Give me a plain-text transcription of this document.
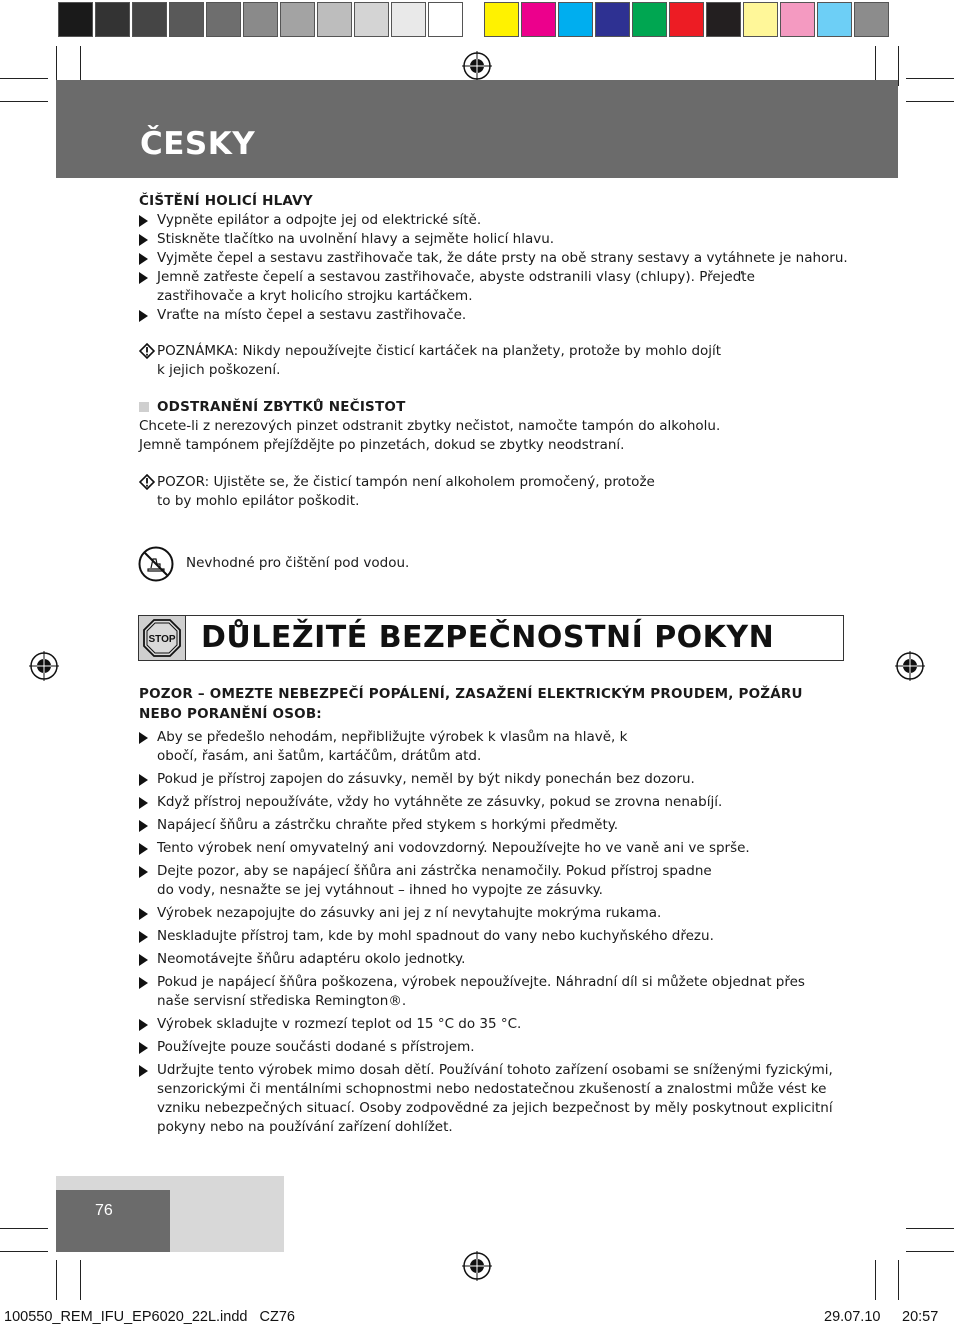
ČESKY
ČIŠTĚNÍ HOLICÍ HLAVY
Vypněte epilátor a odpojte jej od elektrické sítě.
Stiskněte tlačítko na uvolnění hlavy a sejměte holicí hlavu.
Vyjměte čepel a sestavu zastřihovače tak, že dáte prsty na obě strany sestavy a vytáhnete je nahoru.
Jemně zatřeste čepelí a sestavou zastřihovače, abyste odstranili vlasy (chlupy). Přejeďte zastřihovače a kryt holicího strojku kartáčkem.
Vraťte na místo čepel a sestavu zastřihovače.
POZNÁMKA: Nikdy nepoužívejte čisticí kartáček na planžety, protože by mohlo dojít k jejich poškození.
ODSTRANĚNÍ ZBYTKŮ NEČISTOT
Chcete-li z nerezových pinzet odstranit zbytky nečistot, namočte tampón do alkoholu. Jemně tampónem přejíždějte po pinzetách, dokud se zbytky neodstraní.
POZOR: Ujistěte se, že čisticí tampón není alkoholem promočený, protože to by mohlo epilátor poškodit.
Nevhodné pro čištění pod vodou.
STOP DŮLEŽITÉ BEZPEČNOSTNÍ POKYN
POZOR – OMEZTE NEBEZPEČÍ POPÁLENÍ, ZASAŽENÍ ELEKTRICKÝM PROUDEM, POŽÁRU NEBO PORANĚNÍ OSOB:
Aby se předešlo nehodám, nepřibližujte výrobek k vlasům na hlavě, k obočí, řasám, ani šatům, kartáčům, drátům atd.
Pokud je přístroj zapojen do zásuvky, neměl by být nikdy ponechán bez dozoru.
Když přístroj nepoužíváte, vždy ho vytáhněte ze zásuvky, pokud se zrovna nenabíjí.
Napájecí šňůru a zástrčku chraňte před stykem s horkými předměty.
Tento výrobek není omyvatelný ani vodovzdorný. Nepoužívejte ho ve vaně ani ve sprše.
Dejte pozor, aby se napájecí šňůra ani zástrčka nenamočily. Pokud přístroj spadne do vody, nesnažte se jej vytáhnout – ihned ho vypojte ze zásuvky.
Výrobek nezapojujte do zásuvky ani jej z ní nevytahujte mokrýma rukama.
Neskladujte přístroj tam, kde by mohl spadnout do vany nebo kuchyňského dřezu.
Neomotávejte šňůru adaptéru okolo jednotky.
Pokud je napájecí šňůra poškozena, výrobek nepoužívejte. Náhradní díl si můžete objednat přes naše servisní střediska Remington®.
Výrobek skladujte v rozmezí teplot od 15 °C do 35 °C.
Používejte pouze součásti dodané s přístrojem.
Udržujte tento výrobek mimo dosah dětí. Používání tohoto zařízení osobami se sníženými fyzickými, senzorickými či mentálními schopnostmi nebo nedostatečnou zkušeností a znalostmi může vést ke vzniku nebezpečných situací. Osoby zodpovědné za jejich bezpečnost by měly poskytnout explicitní pokyny nebo na používání zařízení dohlížet.
76
100550_REM_IFU_EP6020_22L.indd   CZ76	29.07.10 20:57
